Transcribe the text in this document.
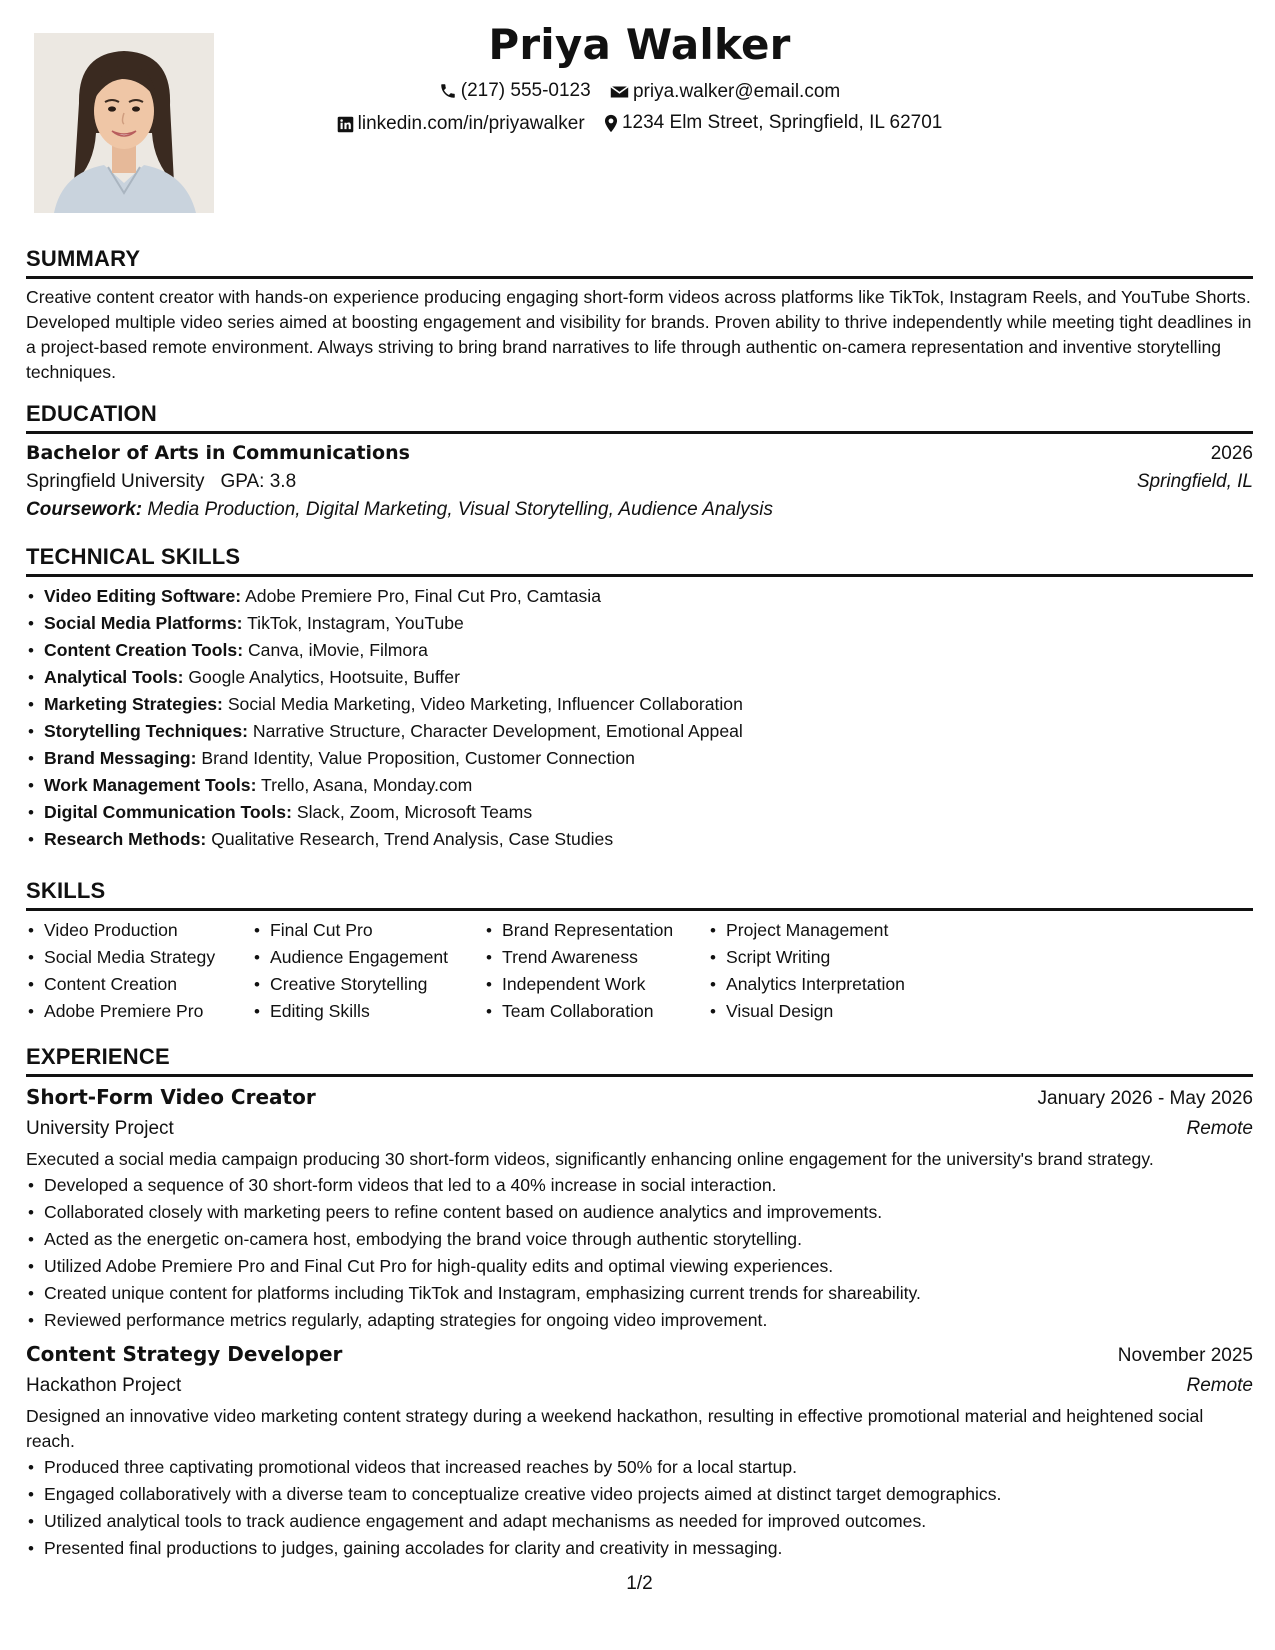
Priya Walker
(217) 555-0123
priya.walker@email.com
linkedin.com/in/priyawalker
1234 Elm Street, Springfield, IL 62701
SUMMARY
Creative content creator with hands-on experience producing engaging short-form videos across platforms like TikTok, Instagram Reels, and YouTube Shorts. Developed multiple video series aimed at boosting engagement and visibility for brands. Proven ability to thrive independently while meeting tight deadlines in a project-based remote environment. Always striving to bring brand narratives to life through authentic on-camera representation and inventive storytelling techniques.
EDUCATION
Bachelor of Arts in Communications	2026
Springfield University GPA: 3.8	Springfield, IL
Coursework: Media Production, Digital Marketing, Visual Storytelling, Audience Analysis
TECHNICAL SKILLS
• Video Editing Software: Adobe Premiere Pro, Final Cut Pro, Camtasia
• Social Media Platforms: TikTok, Instagram, YouTube
• Content Creation Tools: Canva, iMovie, Filmora
• Analytical Tools: Google Analytics, Hootsuite, Buffer
• Marketing Strategies: Social Media Marketing, Video Marketing, Influencer Collaboration
• Storytelling Techniques: Narrative Structure, Character Development, Emotional Appeal
• Brand Messaging: Brand Identity, Value Proposition, Customer Connection
• Work Management Tools: Trello, Asana, Monday.com
• Digital Communication Tools: Slack, Zoom, Microsoft Teams
• Research Methods: Qualitative Research, Trend Analysis, Case Studies
SKILLS
• Video Production
• Social Media Strategy
• Content Creation
• Adobe Premiere Pro
• Final Cut Pro
• Audience Engagement
• Creative Storytelling
• Editing Skills
• Brand Representation
• Trend Awareness
• Independent Work
• Team Collaboration
• Project Management
• Script Writing
• Analytics Interpretation
• Visual Design
EXPERIENCE
Short-Form Video Creator	January 2026 - May 2026
University Project	Remote
Executed a social media campaign producing 30 short-form videos, significantly enhancing online engagement for the university's brand strategy.
• Developed a sequence of 30 short-form videos that led to a 40% increase in social interaction.
• Collaborated closely with marketing peers to refine content based on audience analytics and improvements.
• Acted as the energetic on-camera host, embodying the brand voice through authentic storytelling.
• Utilized Adobe Premiere Pro and Final Cut Pro for high-quality edits and optimal viewing experiences.
• Created unique content for platforms including TikTok and Instagram, emphasizing current trends for shareability.
• Reviewed performance metrics regularly, adapting strategies for ongoing video improvement.
Content Strategy Developer	November 2025
Hackathon Project	Remote
Designed an innovative video marketing content strategy during a weekend hackathon, resulting in effective promotional material and heightened social reach.
• Produced three captivating promotional videos that increased reaches by 50% for a local startup.
• Engaged collaboratively with a diverse team to conceptualize creative video projects aimed at distinct target demographics.
• Utilized analytical tools to track audience engagement and adapt mechanisms as needed for improved outcomes.
• Presented final productions to judges, gaining accolades for clarity and creativity in messaging.
1/2
